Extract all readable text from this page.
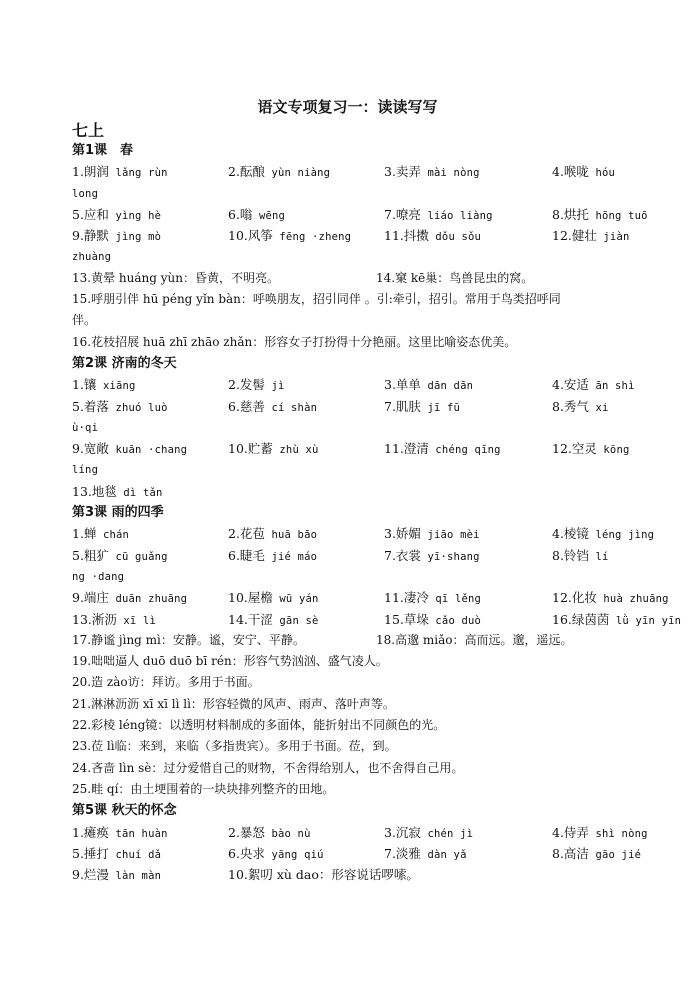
语文专项复习一：读读写写
七上
第1课　春
1.朗润 lǎng rùn	2.酝酿 yùn niàng	3.卖弄 mài nòng	4.喉咙 hóu
long
5.应和 yìng hè	6.嗡 wēng	7.嘹亮 liáo liàng	8.烘托 hōng tuō
9.静默 jìng mò	10.风筝 fēng ·zheng	11.抖擞 dǒu sǒu	12.健壮 jiàn
zhuàng
13.黄晕 huáng yùn：昏黄，不明亮。	14.窠 kē巢：鸟兽昆虫的窝。
15.呼朋引伴 hū péng yǐn bàn：呼唤朋友，招引同伴 。引:牵引，招引。常用于鸟类招呼同
伴。
16.花枝招展 huā zhī zhāo zhǎn：形容女子打扮得十分艳丽。这里比喻姿态优美。
第2课 济南的冬天
1.镶 xiāng	2.发髻 jì	3.单单 dān dān	4.安适 ān shì
5.着落 zhuó luò	6.慈善 cí shàn	7.肌肤 jī fū	8.秀气 xi
ù·qi
9.宽敞 kuān ·chang	10.贮蓄 zhù xù	11.澄清 chéng qīng	12.空灵 kōng
líng
13.地毯 dì tǎn
第3课 雨的四季
1.蝉 chán	2.花苞 huā bāo	3.娇媚 jiāo mèi	4.棱镜 léng jìng
5.粗犷 cū guǎng	6.睫毛 jié máo	7.衣裳 yī·shang	8.铃铛 lí
ng ·dang
9.端庄 duān zhuāng	10.屋檐 wū yán	11.凄冷 qī lěng	12.化妆 huà zhuāng
13.淅沥 xī lì	14.干涩 gān sè	15.草垛 cǎo duò	16.绿茵茵 lǜ yīn yīn
17.静谧 jìng mì：安静。谧，安宁、平静。	18.高邈 miǎo：高而远。邈，遥远。
19.咄咄逼人 duō duō bī rén：形容气势汹汹、盛气凌人。
20.造 zào访：拜访。多用于书面。
21.淋淋沥沥 xī xī lì lì：形容轻微的风声、雨声、落叶声等。
22.彩棱 léng镜：以透明材料制成的多面体，能折射出不同颜色的光。
23.莅 lì临：来到，来临（多指贵宾）。多用于书面。莅，到。
24.吝啬 lìn sè：过分爱惜自己的财物，不舍得给别人，也不舍得自己用。
25.畦 qí：由土埂围着的一块块排列整齐的田地。
第5课 秋天的怀念
1.瘫痪 tān huàn	2.暴怒 bào nù	3.沉寂 chén jì	4.侍弄 shì nòng
5.捶打 chuí dǎ	6.央求 yāng qiú	7.淡雅 dàn yǎ	8.高洁 gāo jié
9.烂漫 làn màn	10.絮叨 xù dao：形容说话啰嗦。
